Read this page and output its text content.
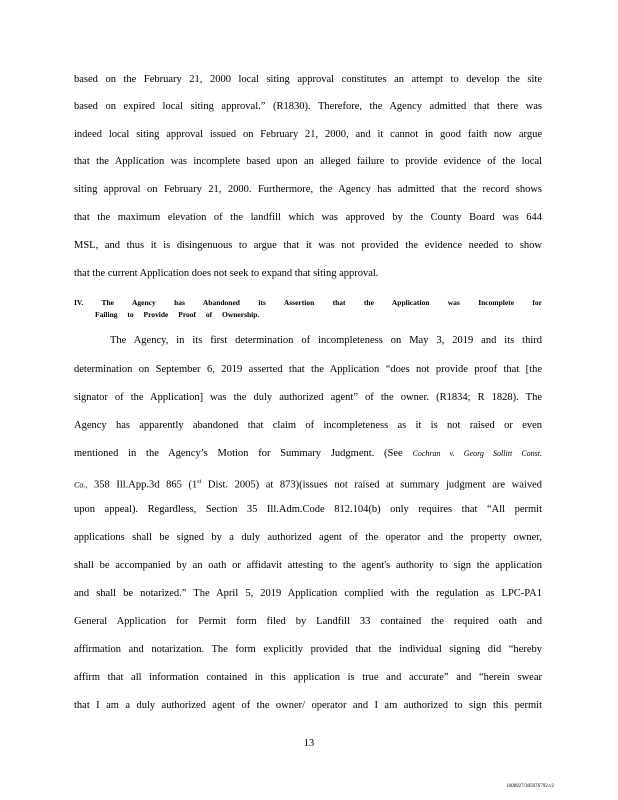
based on the February 21, 2000 local siting approval constitutes an attempt to develop the site
based on expired local siting approval.” (R1830). Therefore, the Agency admitted that there was
indeed local siting approval issued on February 21, 2000, and it cannot in good faith now argue
that the Application was incomplete based upon an alleged failure to provide evidence of the local
siting approval on February 21, 2000. Furthermore, the Agency has admitted that the record shows
that the maximum elevation of the landfill which was approved by the County Board was 644
MSL, and thus it is disingenuous to argue that it was not provided the evidence needed to show
that the current Application does not seek to expand that siting approval.
IV. The Agency has Abandoned its Assertion that the Application was Incomplete for
Failing to Provide Proof of Ownership.
The Agency, in its first determination of incompleteness on May 3, 2019 and its third
determination on September 6, 2019 asserted that the Application “does not provide proof that [the
signator of the Application] was the duly authorized agent” of the owner. (R1834; R 1828). The
Agency has apparently abandoned that claim of incompleteness as it is not raised or even
mentioned in the Agency’s Motion for Summary Judgment. (See Cochran v. Georg Sollitt Const.
Co., 358 Ill.App.3d 865 (1st Dist. 2005) at 873)(issues not raised at summary judgment are waived
upon appeal). Regardless, Section 35 Ill.Adm.Code 812.104(b) only requires that “All permit
applications shall be signed by a duly authorized agent of the operator and the property owner,
shall be accompanied by an oath or affidavit attesting to the agent's authority to sign the application
and shall be notarized.” The April 5, 2019 Application complied with the regulation as LPC-PA1
General Application for Permit form filed by Landfill 33 contained the required oath and
affirmation and notarization. The form explicitly provided that the individual signing did “hereby
affirm that all information contained in this application is true and accurate” and “herein swear
that I am a duly authorized agent of the owner/ operator and I am authorized to sign this permit
13
1008927/30567S792.v2
